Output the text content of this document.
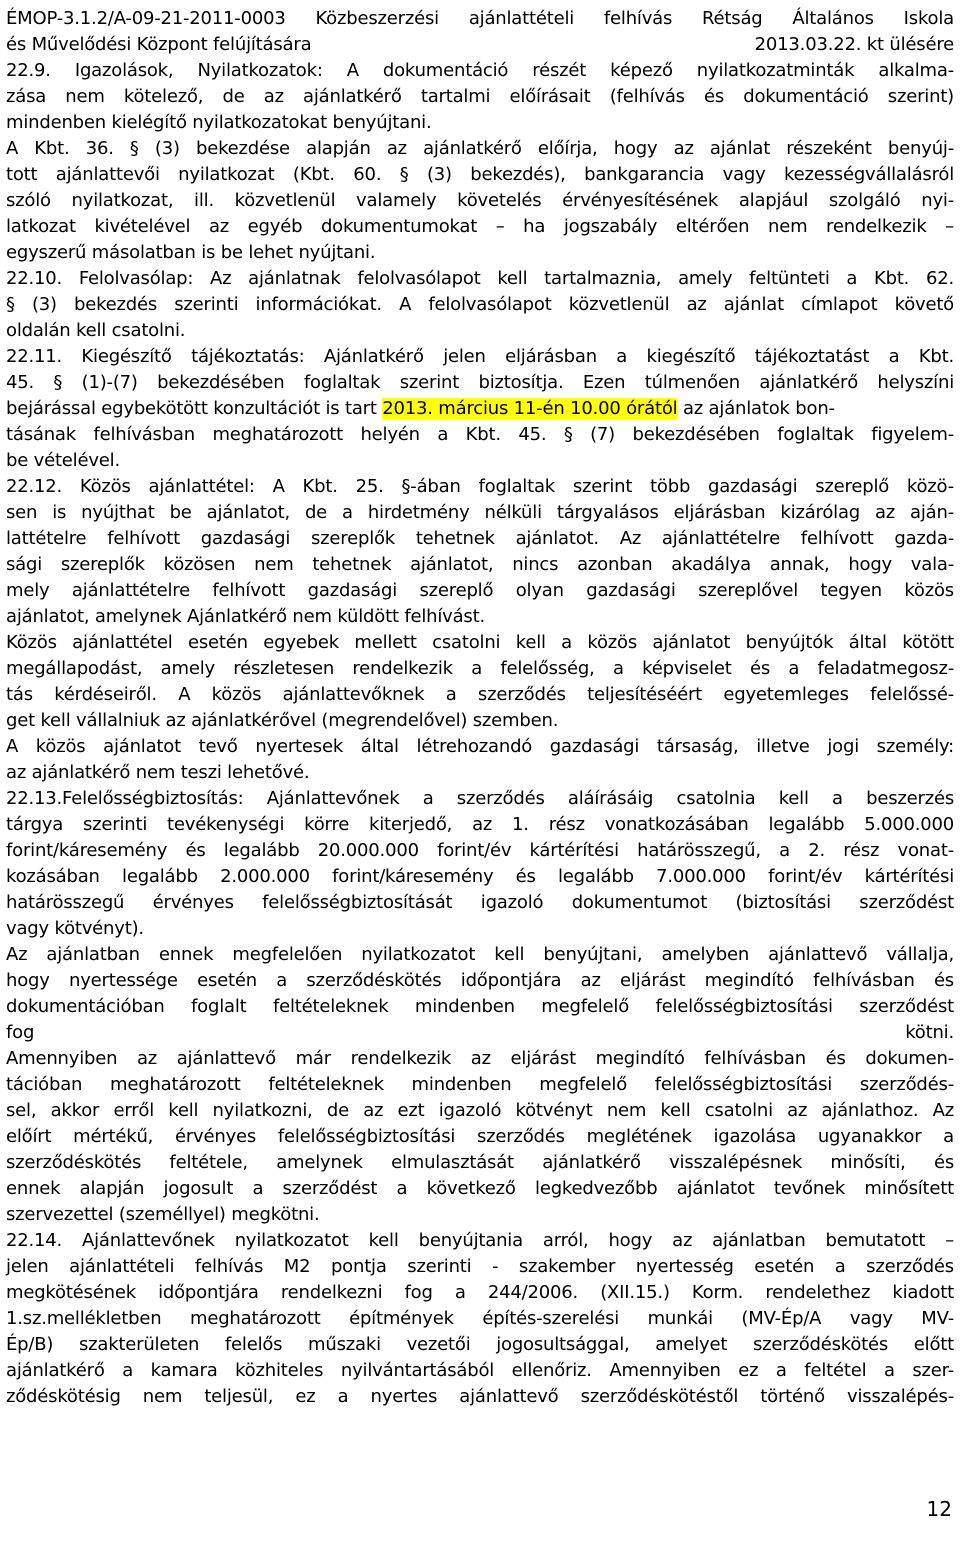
ÉMOP-3.1.2/A-09-21-2011-0003 Közbeszerzési ajánlattételi felhívás Rétság Általános Iskola
és Művelődési Központ felújítására	2013.03.22. kt ülésére
22.9. Igazolások, Nyilatkozatok: A dokumentáció részét képező nyilatkozatminták alkalma-
zása nem kötelező, de az ajánlatkérő tartalmi előírásait (felhívás és dokumentáció szerint)
mindenben kielégítő nyilatkozatokat benyújtani.
A Kbt. 36. § (3) bekezdése alapján az ajánlatkérő előírja, hogy az ajánlat részeként benyúj-
tott ajánlattevői nyilatkozat (Kbt. 60. § (3) bekezdés), bankgarancia vagy kezességvállalásról
szóló nyilatkozat, ill. közvetlenül valamely követelés érvényesítésének alapjául szolgáló nyi-
latkozat kivételével az egyéb dokumentumokat – ha jogszabály eltérően nem rendelkezik –
egyszerű másolatban is be lehet nyújtani.
22.10. Felolvasólap: Az ajánlatnak felolvasólapot kell tartalmaznia, amely feltünteti a Kbt. 62.
§ (3) bekezdés szerinti információkat. A felolvasólapot közvetlenül az ajánlat címlapot követő
oldalán kell csatolni.
22.11. Kiegészítő tájékoztatás: Ajánlatkérő jelen eljárásban a kiegészítő tájékoztatást a Kbt.
45. § (1)-(7) bekezdésében foglaltak szerint biztosítja. Ezen túlmenően ajánlatkérő helyszíni
bejárással egybekötött konzultációt is tart 2013. március 11-én 10.00 órától az ajánlatok bon-
tásának felhívásban meghatározott helyén a Kbt. 45. § (7) bekezdésében foglaltak figyelem-
be vételével.
22.12. Közös ajánlattétel: A Kbt. 25. §-ában foglaltak szerint több gazdasági szereplő közö-
sen is nyújthat be ajánlatot, de a hirdetmény nélküli tárgyalásos eljárásban kizárólag az aján-
lattételre felhívott gazdasági szereplők tehetnek ajánlatot. Az ajánlattételre felhívott gazda-
sági szereplők közösen nem tehetnek ajánlatot, nincs azonban akadálya annak, hogy vala-
mely ajánlattételre felhívott gazdasági szereplő olyan gazdasági szereplővel tegyen közös
ajánlatot, amelynek Ajánlatkérő nem küldött felhívást.
Közös ajánlattétel esetén egyebek mellett csatolni kell a közös ajánlatot benyújtók által kötött
megállapodást, amely részletesen rendelkezik a felelősség, a képviselet és a feladatmegosz-
tás kérdéseiről. A közös ajánlattevőknek a szerződés teljesítéséért egyetemleges felelőssé-
get kell vállalniuk az ajánlatkérővel (megrendelővel) szemben.
A közös ajánlatot tevő nyertesek által létrehozandó gazdasági társaság, illetve jogi személy:
az ajánlatkérő nem teszi lehetővé.
22.13.Felelősségbiztosítás: Ajánlattevőnek a szerződés aláírásáig csatolnia kell a beszerzés
tárgya szerinti tevékenységi körre kiterjedő, az 1. rész vonatkozásában legalább 5.000.000
forint/káresemény és legalább 20.000.000 forint/év kártérítési határösszegű, a 2. rész vonat-
kozásában legalább 2.000.000 forint/káresemény és legalább 7.000.000 forint/év kártérítési
határösszegű érvényes felelősségbiztosítását igazoló dokumentumot (biztosítási szerződést
vagy kötvényt).
Az ajánlatban ennek megfelelően nyilatkozatot kell benyújtani, amelyben ajánlattevő vállalja,
hogy nyertessége esetén a szerződéskötés időpontjára az eljárást megindító felhívásban és
dokumentációban foglalt feltételeknek mindenben megfelelő felelősségbiztosítási szerződést
fog	kötni.
Amennyiben az ajánlattevő már rendelkezik az eljárást megindító felhívásban és dokumen-
tációban meghatározott feltételeknek mindenben megfelelő felelősségbiztosítási szerződés-
sel, akkor erről kell nyilatkozni, de az ezt igazoló kötvényt nem kell csatolni az ajánlathoz. Az
előírt mértékű, érvényes felelősségbiztosítási szerződés meglétének igazolása ugyanakkor a
szerződéskötés feltétele, amelynek elmulasztását ajánlatkérő visszalépésnek minősíti, és
ennek alapján jogosult a szerződést a következő legkedvezőbb ajánlatot tevőnek minősített
szervezettel (személlyel) megkötni.
22.14. Ajánlattevőnek nyilatkozatot kell benyújtania arról, hogy az ajánlatban bemutatott –
jelen ajánlattételi felhívás M2 pontja szerinti - szakember nyertesség esetén a szerződés
megkötésének időpontjára rendelkezni fog a 244/2006. (XII.15.) Korm. rendelethez kiadott
1.sz.mellékletben meghatározott építmények építés-szerelési munkái (MV-Ép/A vagy MV-
Ép/B) szakterületen felelős műszaki vezetői jogosultsággal, amelyet szerződéskötés előtt
ajánlatkérő a kamara közhiteles nyilvántartásából ellenőriz. Amennyiben ez a feltétel a szer-
ződéskötésig nem teljesül, ez a nyertes ajánlattevő szerződéskötéstől történő visszalépés-
12
